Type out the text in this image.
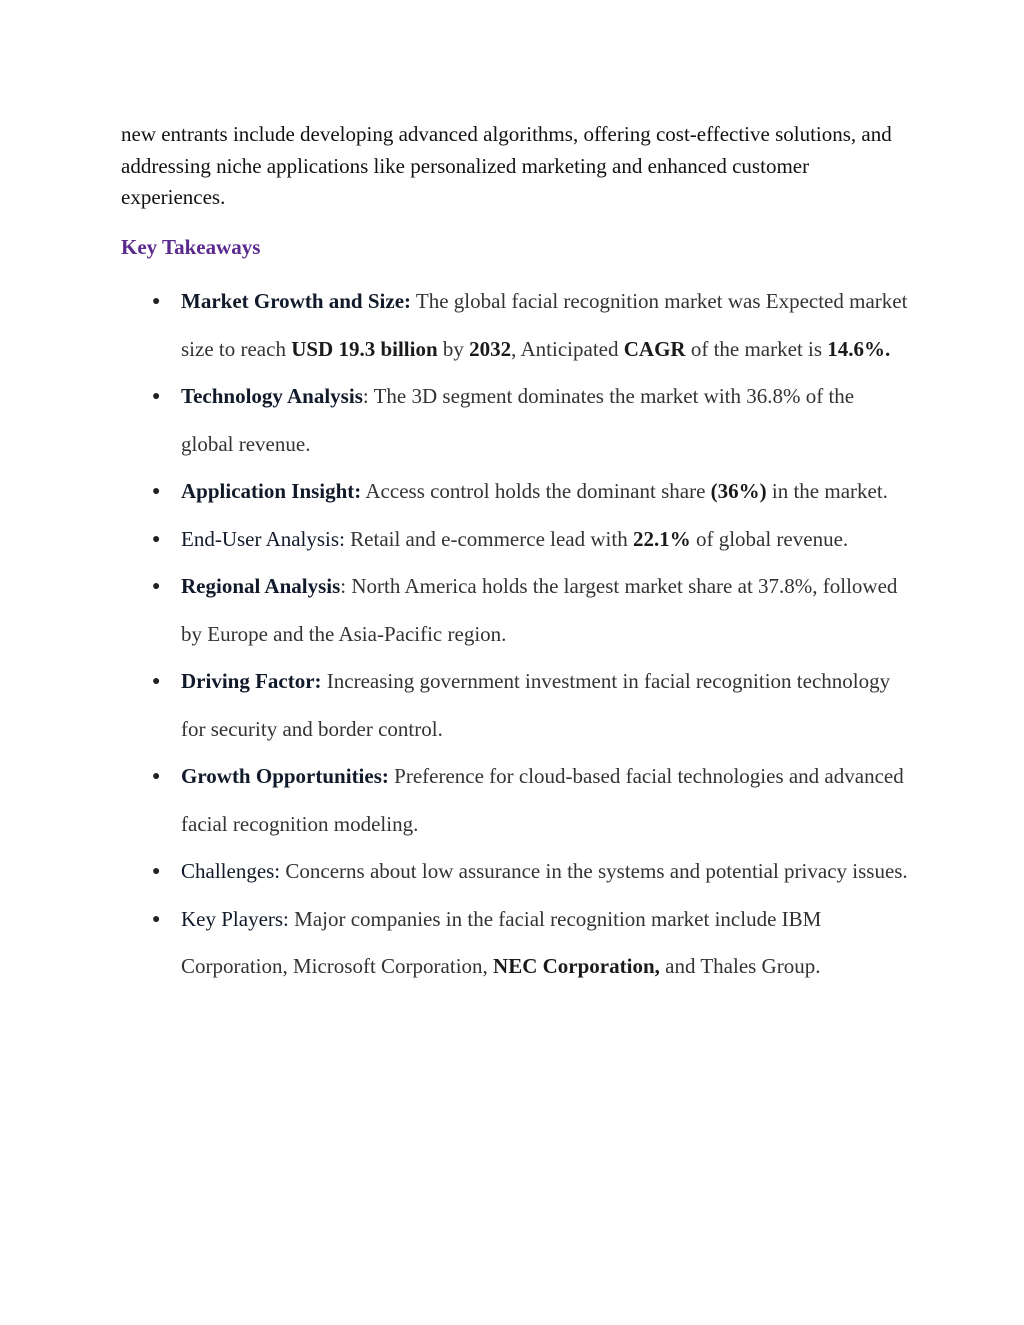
new entrants include developing advanced algorithms, offering cost-effective solutions, and addressing niche applications like personalized marketing and enhanced customer experiences.

Key Takeaways
● Market Growth and Size: The global facial recognition market was Expected market size to reach USD 19.3 billion by 2032, Anticipated CAGR of the market is 14.6%.
● Technology Analysis: The 3D segment dominates the market with 36.8% of the global revenue.
● Application Insight: Access control holds the dominant share (36%) in the market.
● End-User Analysis: Retail and e-commerce lead with 22.1% of global revenue.
● Regional Analysis: North America holds the largest market share at 37.8%, followed by Europe and the Asia-Pacific region.
● Driving Factor: Increasing government investment in facial recognition technology for security and border control.
● Growth Opportunities: Preference for cloud-based facial technologies and advanced facial recognition modeling.
● Challenges: Concerns about low assurance in the systems and potential privacy issues.
● Key Players: Major companies in the facial recognition market include IBM Corporation, Microsoft Corporation, NEC Corporation, and Thales Group.
